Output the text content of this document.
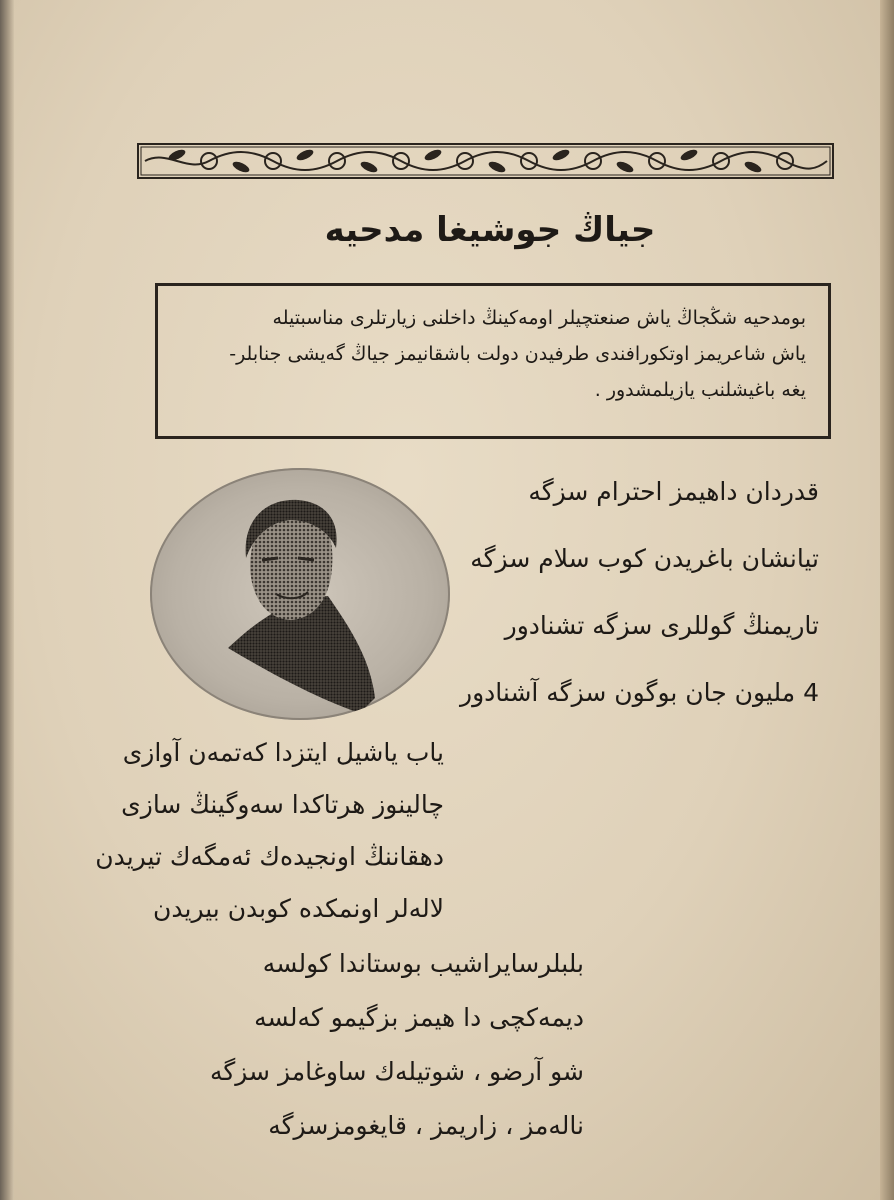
جياڭ جوشيغا مدحيه
بومدحيه شڭجاڭ ياش صنعتچيلر اومەكينڭ داخلنى زيارتلرى مناسبتيلە
ياش شاعريمز اوتكورافندى طرفيدن دولت باشقانيمز جياڭ گەيشى جنابلر-
يغه باغيشلنب يازيلمشدور .
قدردان داهيمز احترام سزگه
تيانشان باغريدن كوب سلام سزگه
تاريمنڭ گوللرى سزگه تشنادور
4 مليون جان بوگون سزگه آشنادور
ياب ياشيل ايتزدا كەتمەن آوازى
چالينوز هرتاكدا سەوگينڭ سازى
دهقاننڭ اونجيدەك ئەمگەك تيريدن
لالەلر اونمكده كوبدن بيريدن
بلبلرسايراشيب بوستاندا كولسه
ديمەكچى دا هيمز بزگيمو كەلسه
شو آرضو ، شوتيلەك ساوغامز سزگه
نالەمز ، زاريمز ، قايغومزسزگه
